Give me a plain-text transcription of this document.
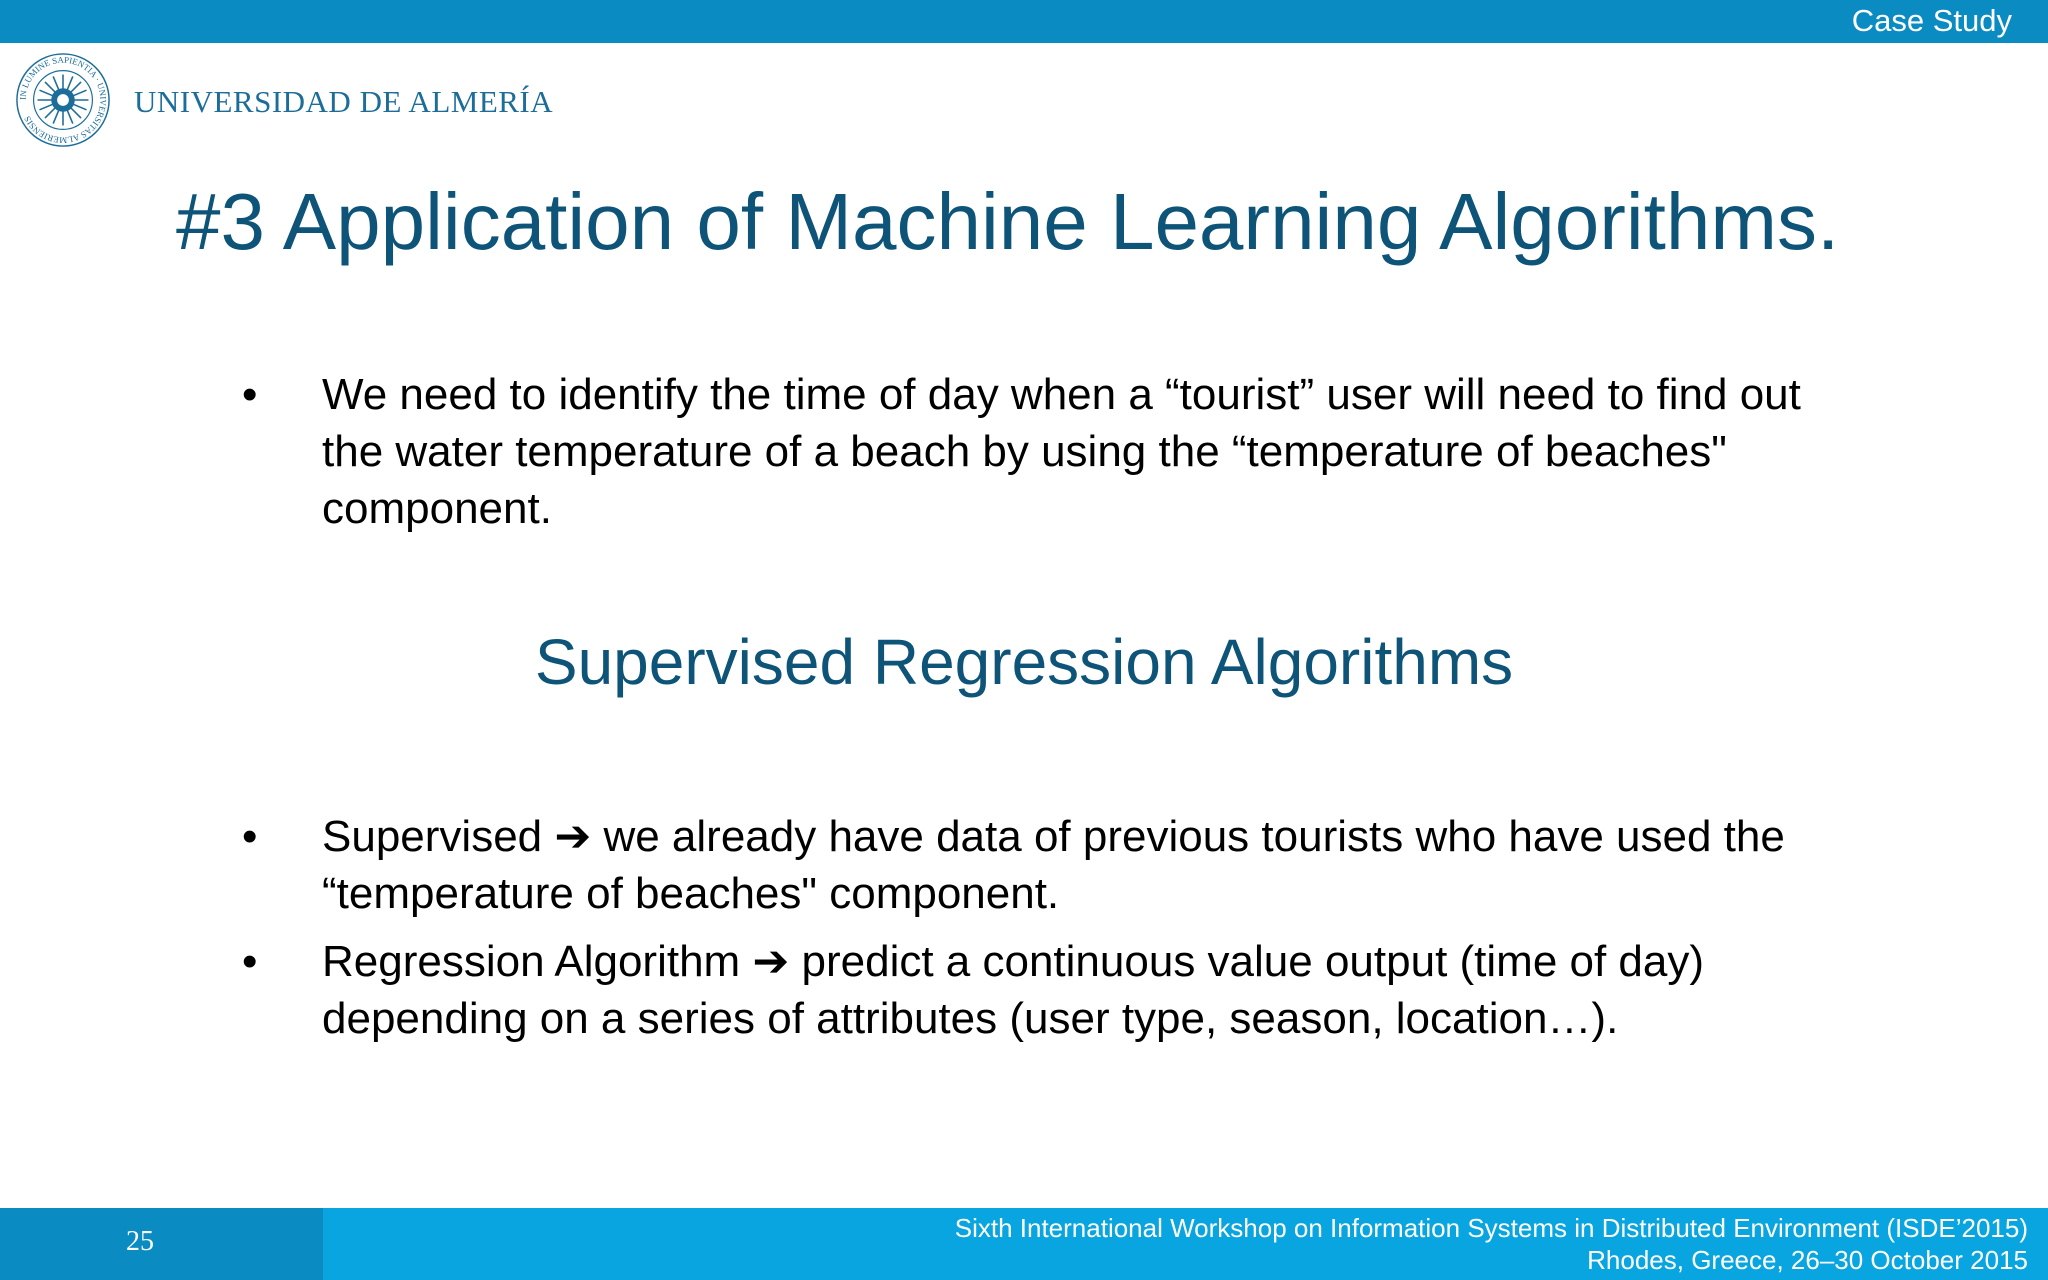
Case Study
IN LUMINE SAPIENTIA · UNIVERSITAS ALMERIENSIS
UNIVERSIDAD DE ALMERÍA
#3 Application of Machine Learning Algorithms.
• We need to identify the time of day when a “tourist” user will need to find out the water temperature of a beach by using the “temperature of beaches" component.
Supervised Regression Algorithms
• Supervised ➔ we already have data of previous tourists who have used the “temperature of beaches" component.
• Regression Algorithm ➔ predict a continuous value output (time of day) depending on a series of attributes (user type, season, location…).
25	Sixth International Workshop on Information Systems in Distributed Environment (ISDE’2015)
Rhodes, Greece, 26–30 October 2015
